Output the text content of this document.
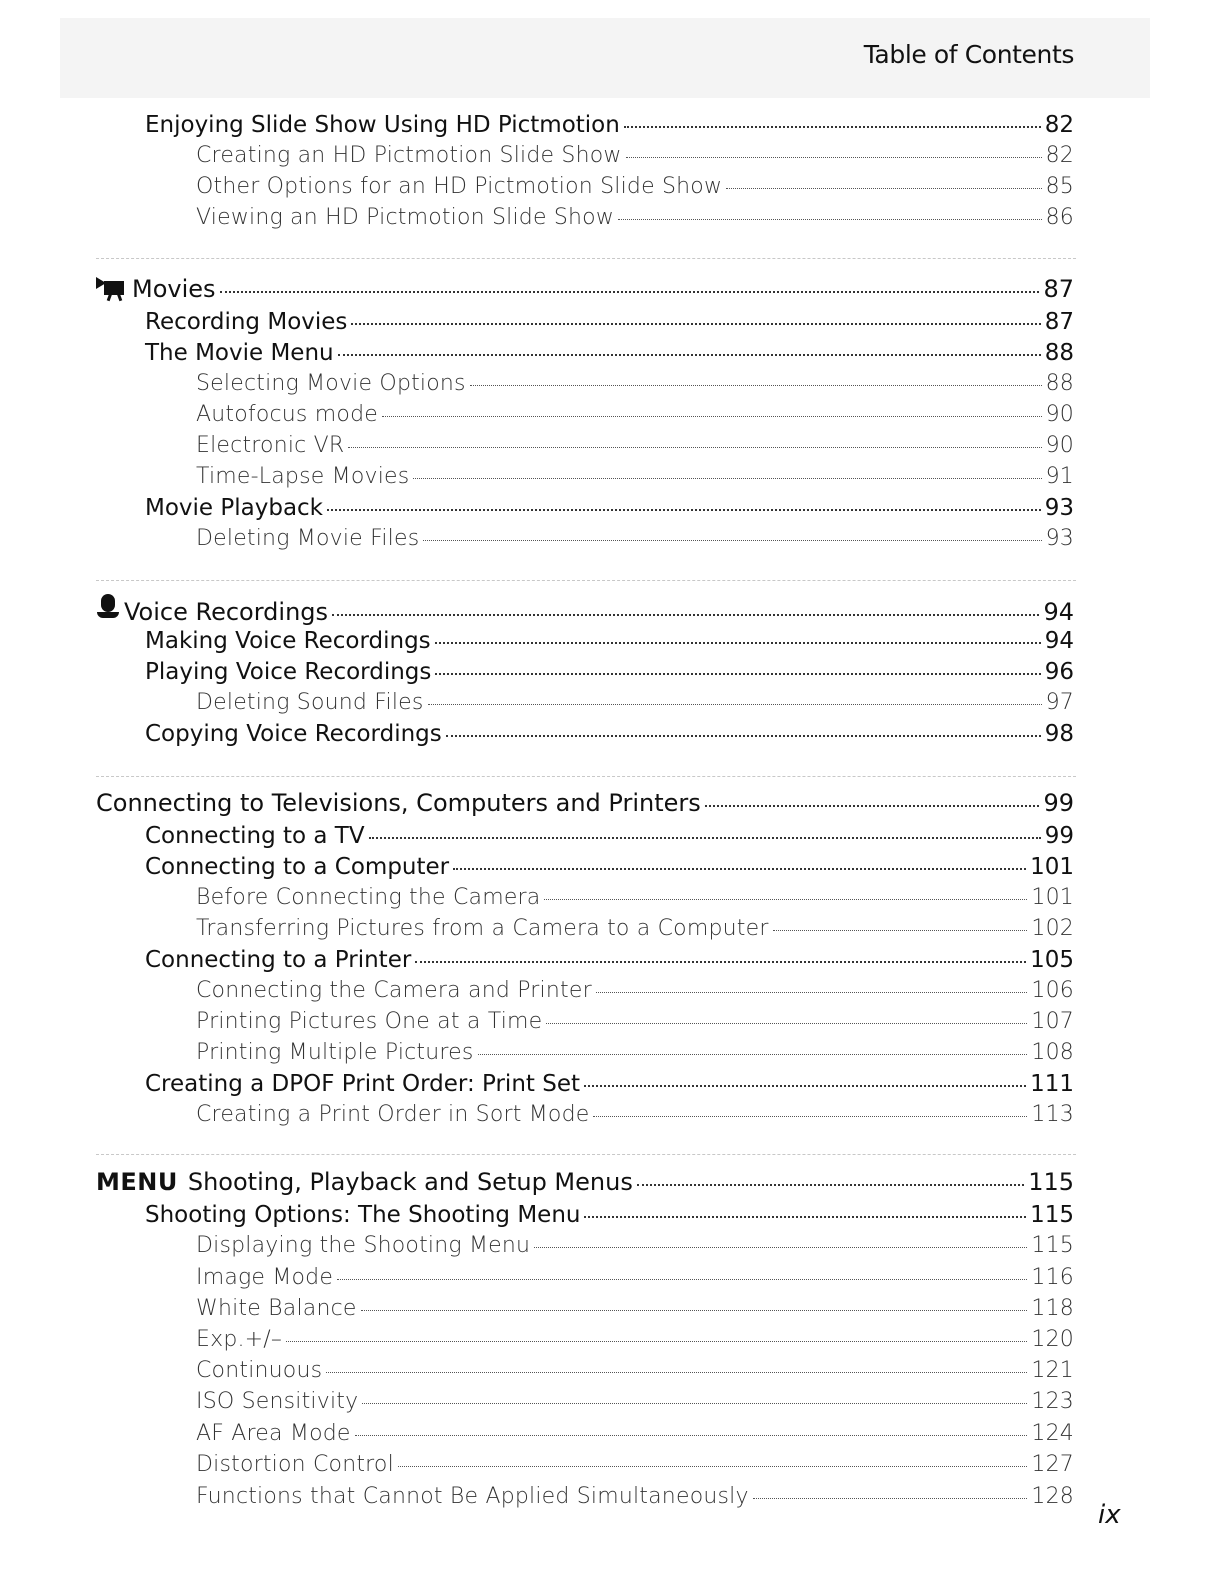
Table of Contents
Enjoying Slide Show Using HD Pictmotion	82
Creating an HD Pictmotion Slide Show	82
Other Options for an HD Pictmotion Slide Show	85
Viewing an HD Pictmotion Slide Show	86
Movies	87
Recording Movies	87
The Movie Menu	88
Selecting Movie Options	88
Autofocus mode	90
Electronic VR	90
Time-Lapse Movies	91
Movie Playback	93
Deleting Movie Files	93
Voice Recordings	94
Making Voice Recordings	94
Playing Voice Recordings	96
Deleting Sound Files	97
Copying Voice Recordings	98
Connecting to Televisions, Computers and Printers	99
Connecting to a TV	99
Connecting to a Computer	101
Before Connecting the Camera	101
Transferring Pictures from a Camera to a Computer	102
Connecting to a Printer	105
Connecting the Camera and Printer	106
Printing Pictures One at a Time	107
Printing Multiple Pictures	108
Creating a DPOF Print Order: Print Set	111
Creating a Print Order in Sort Mode	113
MENU Shooting, Playback and Setup Menus	115
Shooting Options: The Shooting Menu	115
Displaying the Shooting Menu	115
Image Mode	116
White Balance	118
Exp.+/–	120
Continuous	121
ISO Sensitivity	123
AF Area Mode	124
Distortion Control	127
Functions that Cannot Be Applied Simultaneously	128
ix
